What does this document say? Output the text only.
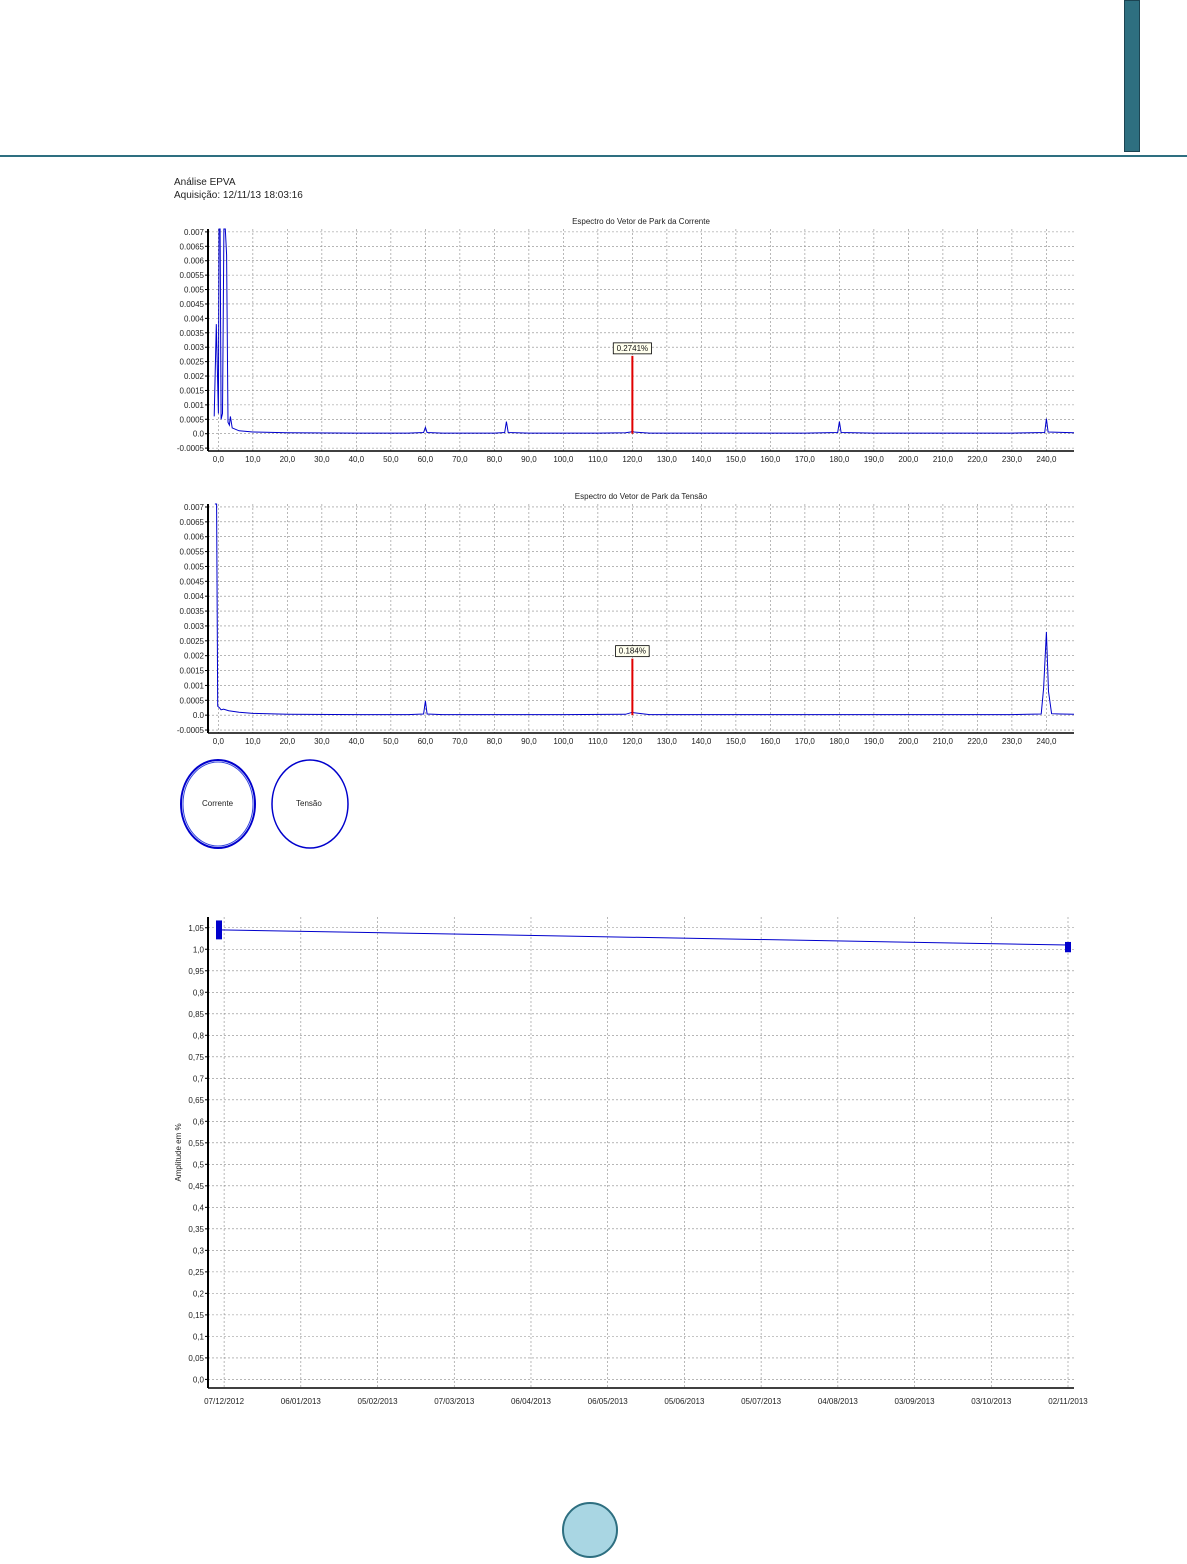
Análise EPVA
Aquisição: 12/11/13 18:03:16
Espectro do Vetor de Park da Corrente
0.007
0.0065
0.006
0.0055
0.005
0.0045
0.004
0.0035
0.003
0.0025
0.002
0.0015
0.001
0.0005
0.0
-0.0005
0,0	10,0 20,0 30,0 40,0 50,0 60,0 70,0 80,0 90,0 100,0 110,0 120,0 130,0 140,0 150,0 160,0 170,0 180,0 190,0 200,0 210,0 220,0 230,0 240,0
0.2741%
Espectro do Vetor de Park da Tensão
0.007
0.0065
0.006
0.0055
0.005
0.0045
0.004
0.0035
0.003
0.0025
0.002
0.0015
0.001
0.0005
0.0
-0.0005
0,0	10,0 20,0 30,0 40,0 50,0 60,0 70,0 80,0 90,0 100,0 110,0 120,0 130,0 140,0 150,0 160,0 170,0 180,0 190,0 200,0 210,0 220,0 230,0 240,0
0.184%
1,05
1,0
0,95
0,9
0,85
0,8
0,75
0,7
0,65
0,6
0,55
0,5
0,45
0,4
0,35
0,3
0,25
0,2
0,15
0,1
0,05
0,0
07/12/2012	06/01/2013	05/02/2013	07/03/2013	06/04/2013	06/05/2013	05/06/2013	05/07/2013	04/08/2013	03/09/2013	03/10/2013	02/11/2013
Amplitude em %
Corrente	Tensão
